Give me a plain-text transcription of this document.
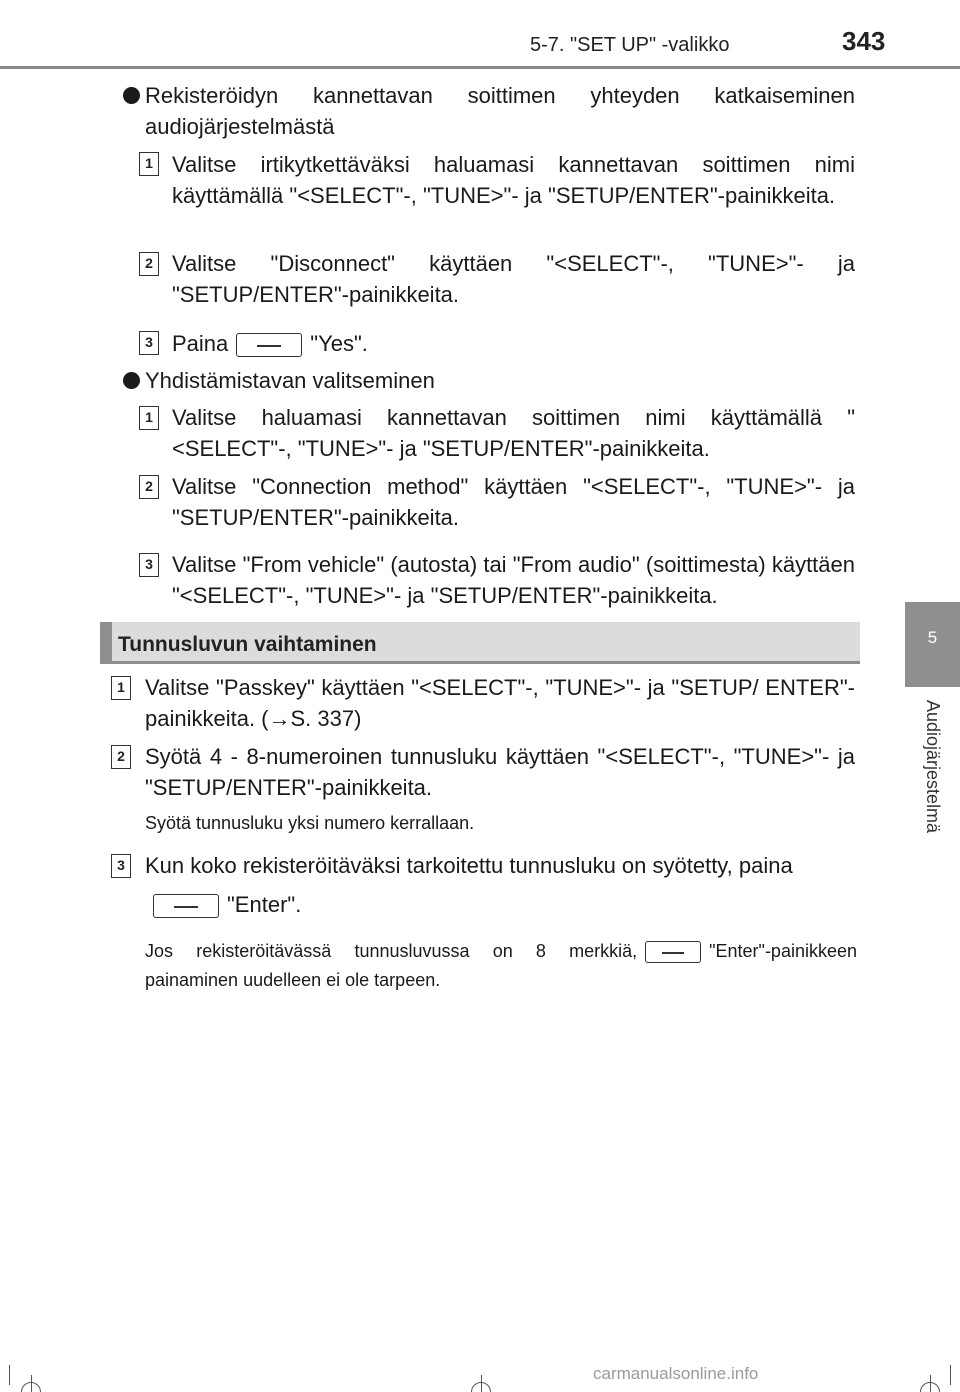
5-7. "SET UP" -valikko	343
5
Audiojärjestelmä
Rekisteröidyn kannettavan soittimen yhteyden katkaiseminen audiojärjestelmästä
1 Valitse irtikytkettäväksi haluamasi kannettavan soittimen nimi käyttämällä "<SELECT"-, "TUNE>"- ja "SETUP/ENTER"-painikkeita.
2 Valitse "Disconnect" käyttäen "<SELECT"-, "TUNE>"- ja "SETUP/ENTER"-painikkeita.
3 Paina	"Yes".
Yhdistämistavan valitseminen
1 Valitse haluamasi kannettavan soittimen nimi käyttämällä "<SELECT"-, "TUNE>"- ja "SETUP/ENTER"-painikkeita.
2 Valitse "Connection method" käyttäen "<SELECT"-, "TUNE>"- ja "SETUP/ENTER"-painikkeita.
3 Valitse "From vehicle" (autosta) tai "From audio" (soittimesta) käyttäen "<SELECT"-, "TUNE>"- ja "SETUP/ENTER"-painikkeita.
Tunnusluvun vaihtaminen
1 Valitse "Passkey" käyttäen "<SELECT"-, "TUNE>"- ja "SETUP/ ENTER"-painikkeita. (→S. 337)
2 Syötä 4 - 8-numeroinen tunnusluku käyttäen "<SELECT"-, "TUNE>"- ja "SETUP/ENTER"-painikkeita.
Syötä tunnusluku yksi numero kerrallaan.
3 Kun koko rekisteröitäväksi tarkoitettu tunnusluku on syötetty, paina
"Enter".
Jos rekisteröitävässä tunnusluvussa on 8 merkkiä,	"Enter"-painikkeen painaminen uudelleen ei ole tarpeen.
carmanualsonline.info
